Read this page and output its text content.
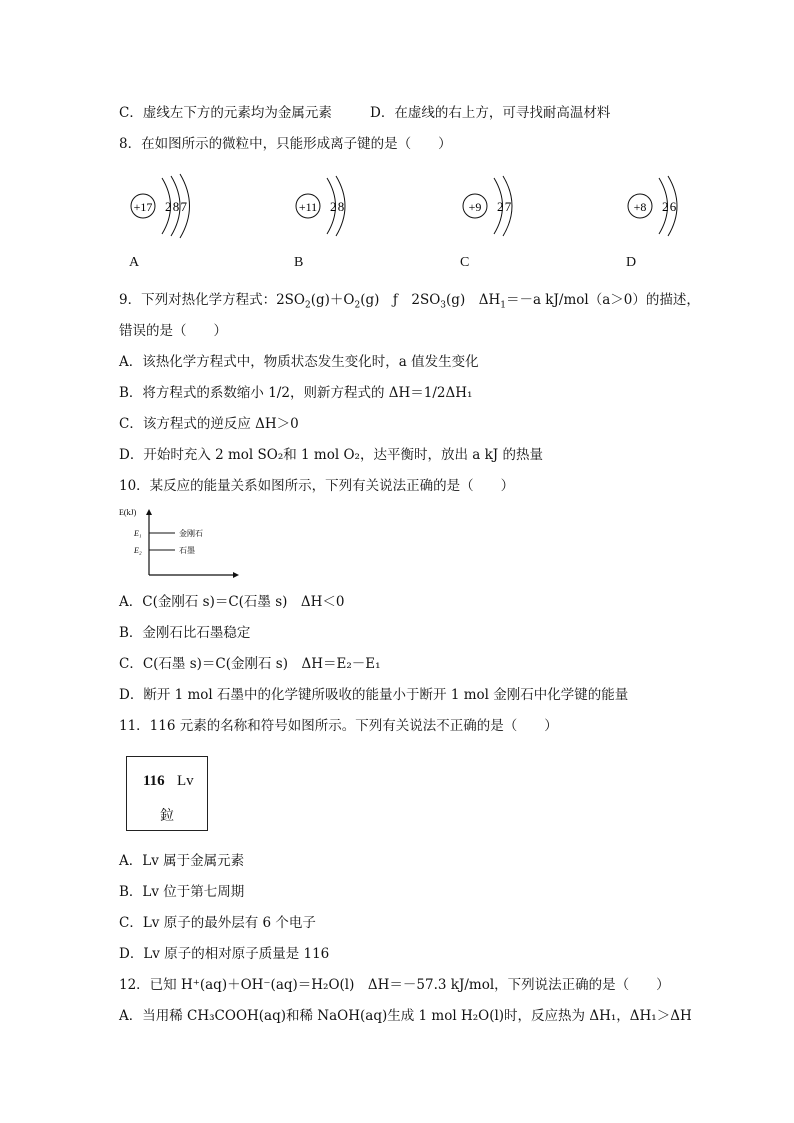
C．虚线左下方的元素均为金属元素	D．在虚线的右上方，可寻找耐高温材料
8．在如图所示的微粒中，只能形成离子键的是（　　）
+17 2 8 7	+11 2 8	+9 2 7	+8 2 6
A	B	C	D
9．下列对热化学方程式：$2SO_2(g)+O_2(g)$　ƒ　$2SO_3(g)$　$\Delta H_1=-a$ kJ/mol（a＞0）的描述，
错误的是（　　）
A．该热化学方程式中，物质状态发生变化时，a 值发生变化
B．将方程式的系数缩小 1/2，则新方程式的 ΔH＝1/2ΔH₁
C．该方程式的逆反应 ΔH＞0
D．开始时充入 2 mol SO₂和 1 mol O₂，达平衡时，放出 a kJ 的热量
10．某反应的能量关系如图所示，下列有关说法正确的是（　　）
E(kJ)
E₁
E₂
金刚石
石墨
A．C(金刚石 s)＝C(石墨 s)　ΔH＜0
B．金刚石比石墨稳定
C．C(石墨 s)＝C(金刚石 s)　ΔH＝E₂－E₁
D．断开 1 mol 石墨中的化学键所吸收的能量小于断开 1 mol 金刚石中化学键的能量
11．116 元素的名称和符号如图所示。下列有关说法不正确的是（　　）
116 Lv
鉝
A．Lv 属于金属元素
B．Lv 位于第七周期
C．Lv 原子的最外层有 6 个电子
D．Lv 原子的相对原子质量是 116
12．已知 H⁺(aq)＋OH⁻(aq)＝H₂O(l)　ΔH＝－57.3 kJ/mol，下列说法正确的是（　　）
A．当用稀 CH₃COOH(aq)和稀 NaOH(aq)生成 1 mol H₂O(l)时，反应热为 ΔH₁，ΔH₁＞ΔH
